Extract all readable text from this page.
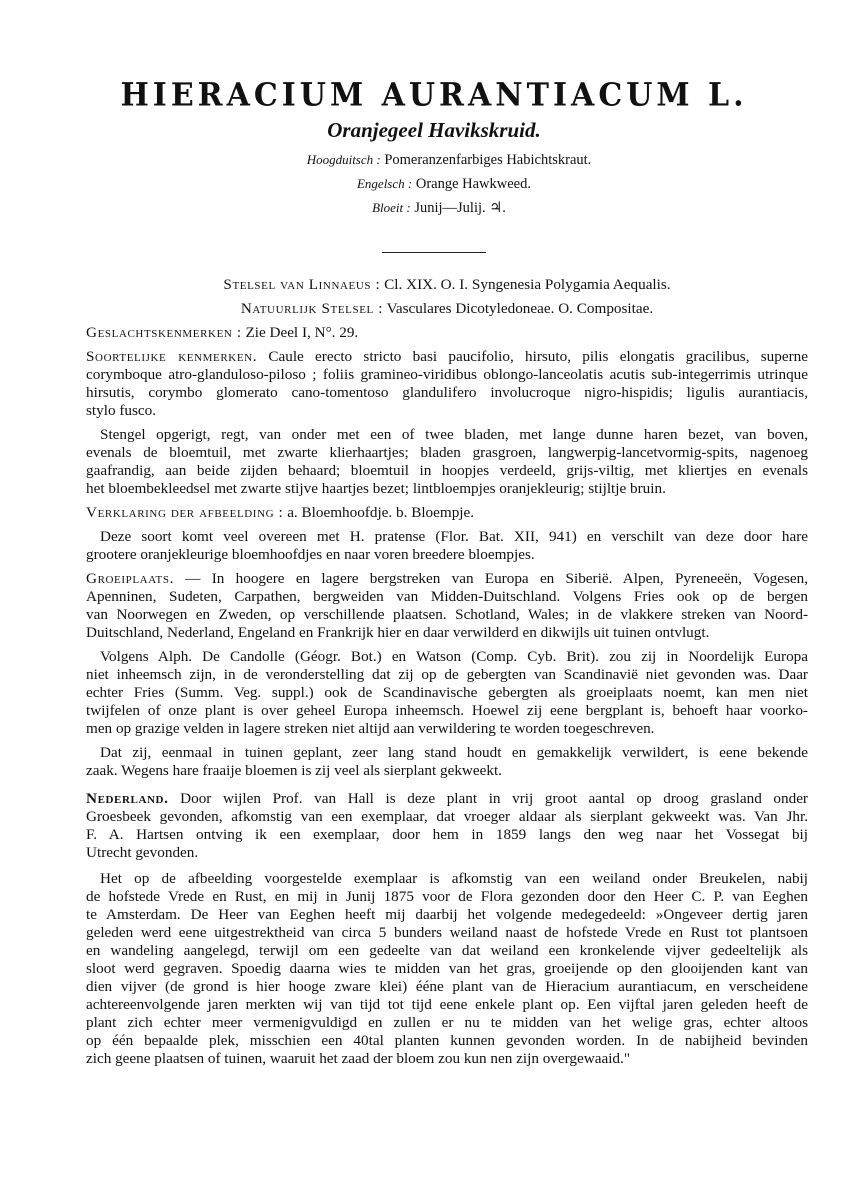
HIERACIUM AURANTIACUM L.
Oranjegeel Havikskruid.
Hoogduitsch : Pomeranzenfarbiges Habichtskraut.
Engelsch : Orange Hawkweed.
Bloeit : Junij—Julij. ♃.
Stelsel van Linnaeus : Cl. XIX. O. I. Syngenesia Polygamia Aequalis.
Natuurlijk Stelsel : Vasculares Dicotyledoneae. O. Compositae.
Geslachtskenmerken : Zie Deel I, N°. 29.
Soortelijke kenmerken. Caule erecto stricto basi paucifolio, hirsuto, pilis elongatis gracilibus, superne
corymboque atro-glanduloso-piloso ; foliis gramineo-viridibus oblongo-lanceolatis acutis sub-integerrimis utrinque
hirsutis, corymbo glomerato cano-tomentoso glandulifero involucroque nigro-hispidis; ligulis aurantiacis,
stylo fusco.
Stengel opgerigt, regt, van onder met een of twee bladen, met lange dunne haren bezet, van boven,
evenals de bloemtuil, met zwarte klierhaartjes; bladen grasgroen, langwerpig-lancetvormig-spits, nagenoeg
gaafrandig, aan beide zijden behaard; bloemtuil in hoopjes verdeeld, grijs-viltig, met kliertjes en evenals
het bloembekleedsel met zwarte stijve haartjes bezet; lintbloempjes oranjekleurig; stijltje bruin.
Verklaring der afbeelding : a. Bloemhoofdje. b. Bloempje.
Deze soort komt veel overeen met H. pratense (Flor. Bat. XII, 941) en verschilt van deze door hare
grootere oranjekleurige bloemhoofdjes en naar voren breedere bloempjes.
Groeiplaats. — In hoogere en lagere bergstreken van Europa en Siberië. Alpen, Pyreneeën, Vogesen,
Apenninen, Sudeten, Carpathen, bergweiden van Midden-Duitschland. Volgens Fries ook op de bergen
van Noorwegen en Zweden, op verschillende plaatsen. Schotland, Wales; in de vlakkere streken van Noord-
Duitschland, Nederland, Engeland en Frankrijk hier en daar verwilderd en dikwijls uit tuinen ontvlugt.
Volgens Alph. De Candolle (Géogr. Bot.) en Watson (Comp. Cyb. Brit). zou zij in Noordelijk Europa
niet inheemsch zijn, in de veronderstelling dat zij op de gebergten van Scandinavië niet gevonden was. Daar
echter Fries (Summ. Veg. suppl.) ook de Scandinavische gebergten als groeiplaats noemt, kan men niet
twijfelen of onze plant is over geheel Europa inheemsch. Hoewel zij eene bergplant is, behoeft haar voorko-
men op grazige velden in lagere streken niet altijd aan verwildering te worden toegeschreven.
Dat zij, eenmaal in tuinen geplant, zeer lang stand houdt en gemakkelijk verwildert, is eene bekende
zaak. Wegens hare fraaije bloemen is zij veel als sierplant gekweekt.
Nederland. Door wijlen Prof. van Hall is deze plant in vrij groot aantal op droog grasland onder
Groesbeek gevonden, afkomstig van een exemplaar, dat vroeger aldaar als sierplant gekweekt was. Van Jhr.
F. A. Hartsen ontving ik een exemplaar, door hem in 1859 langs den weg naar het Vossegat bij
Utrecht gevonden.
Het op de afbeelding voorgestelde exemplaar is afkomstig van een weiland onder Breukelen, nabij
de hofstede Vrede en Rust, en mij in Junij 1875 voor de Flora gezonden door den Heer C. P. van Eeghen
te Amsterdam. De Heer van Eeghen heeft mij daarbij het volgende medegedeeld: »Ongeveer dertig jaren
geleden werd eene uitgestrektheid van circa 5 bunders weiland naast de hofstede Vrede en Rust tot plantsoen
en wandeling aangelegd, terwijl om een gedeelte van dat weiland een kronkelende vijver gedeeltelijk als
sloot werd gegraven. Spoedig daarna wies te midden van het gras, groeijende op den glooijenden kant van
dien vijver (de grond is hier hooge zware klei) ééne plant van de Hieracium aurantiacum, en verscheidene
achtereenvolgende jaren merkten wij van tijd tot tijd eene enkele plant op. Een vijftal jaren geleden heeft de
plant zich echter meer vermenigvuldigd en zullen er nu te midden van het welige gras, echter altoos
op één bepaalde plek, misschien een 40tal planten kunnen gevonden worden. In de nabijheid bevinden
zich geene plaatsen of tuinen, waaruit het zaad der bloem zou kun nen zijn overgewaaid."
